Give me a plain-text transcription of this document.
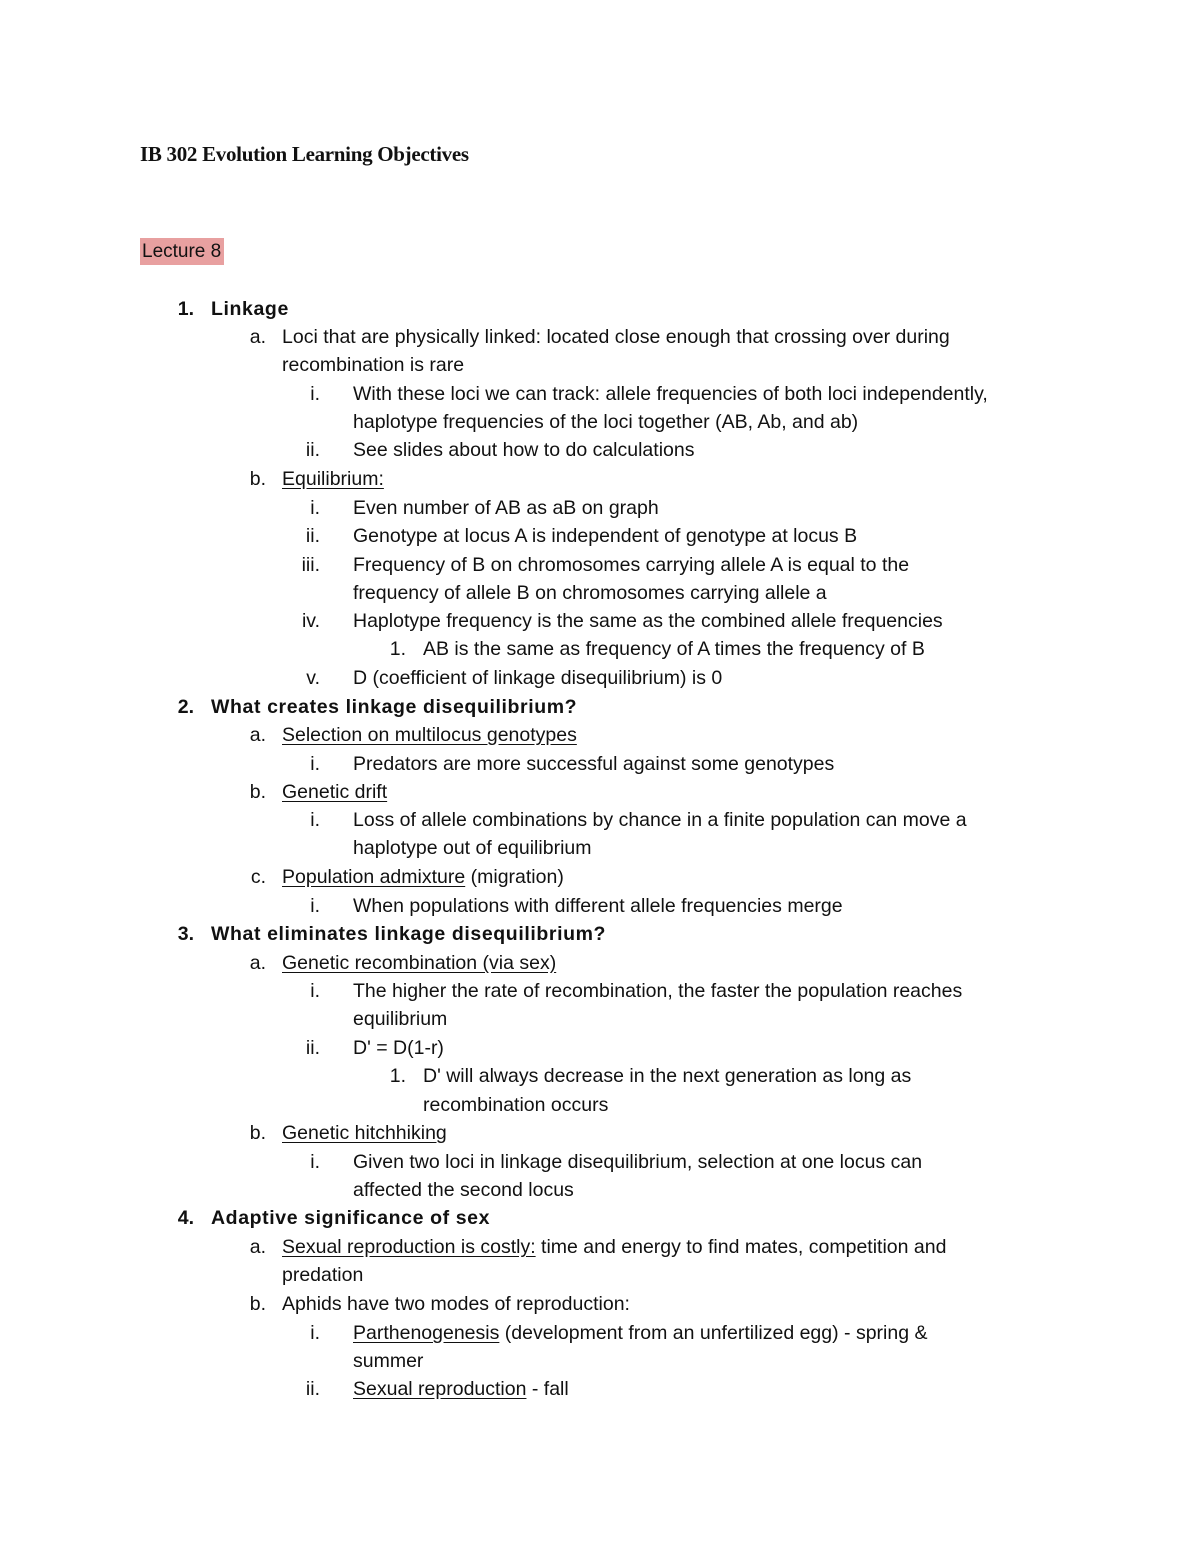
IB 302 Evolution Learning Objectives
Lecture 8
1. Linkage
a. Loci that are physically linked: located close enough that crossing over during
recombination is rare
i. With these loci we can track: allele frequencies of both loci independently,
haplotype frequencies of the loci together (AB, Ab, and ab)
ii. See slides about how to do calculations
b. Equilibrium:
i. Even number of AB as aB on graph
ii. Genotype at locus A is independent of genotype at locus B
iii. Frequency of B on chromosomes carrying allele A is equal to the
frequency of allele B on chromosomes carrying allele a
iv. Haplotype frequency is the same as the combined allele frequencies
1. AB is the same as frequency of A times the frequency of B
v. D (coefficient of linkage disequilibrium) is 0
2. What creates linkage disequilibrium?
a. Selection on multilocus genotypes
i. Predators are more successful against some genotypes
b. Genetic drift
i. Loss of allele combinations by chance in a finite population can move a
haplotype out of equilibrium
c. Population admixture (migration)
i. When populations with different allele frequencies merge
3. What eliminates linkage disequilibrium?
a. Genetic recombination (via sex)
i. The higher the rate of recombination, the faster the population reaches
equilibrium
ii. D' = D(1-r)
1. D' will always decrease in the next generation as long as
recombination occurs
b. Genetic hitchhiking
i. Given two loci in linkage disequilibrium, selection at one locus can
affected the second locus
4. Adaptive significance of sex
a. Sexual reproduction is costly: time and energy to find mates, competition and
predation
b. Aphids have two modes of reproduction:
i. Parthenogenesis (development from an unfertilized egg) - spring &
summer
ii. Sexual reproduction - fall
